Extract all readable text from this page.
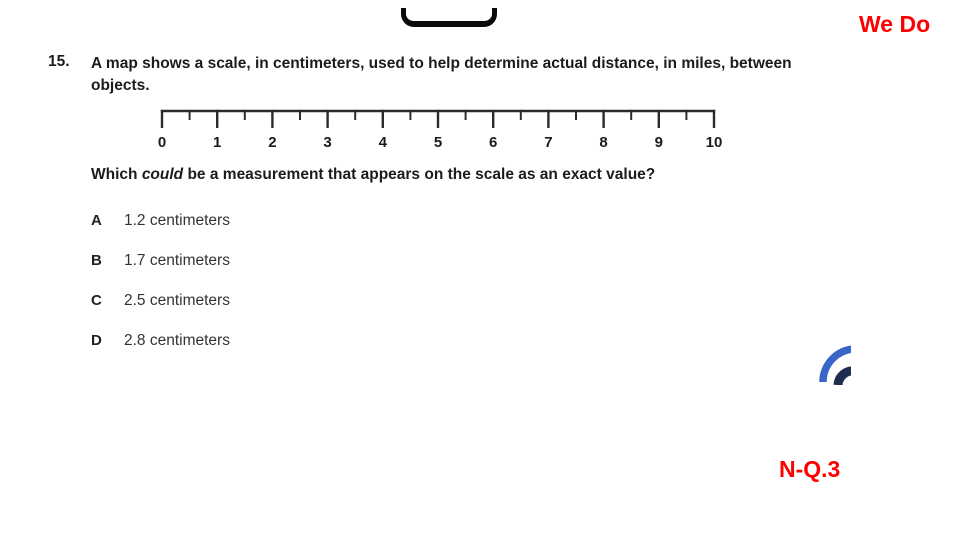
We Do
15. A map shows a scale, in centimeters, used to help determine actual distance, in miles, between
objects.
0	1	2	3	4	5	6	7	8	9	10
Which could be a measurement that appears on the scale as an exact value?
A 1.2 centimeters
B 1.7 centimeters
C 2.5 centimeters
D 2.8 centimeters
N-Q.3
